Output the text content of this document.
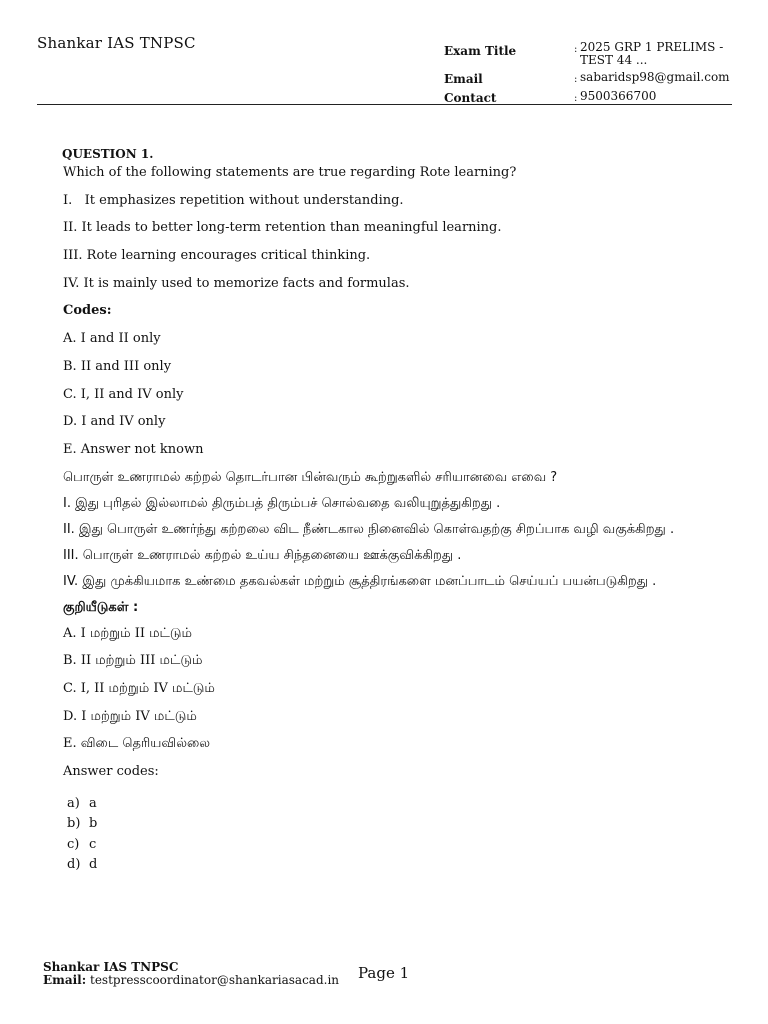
Shankar IAS TNPSC	Exam Title	: 2025 GRP 1 PRELIMS - TEST 44 ...
Email	: sabaridsp98@gmail.com
Contact	: 9500366700
QUESTION 1.

Which of the following statements are true regarding Rote learning?

I.   It emphasizes repetition without understanding.

II. It leads to better long-term retention than meaningful learning.

III. Rote learning encourages critical thinking.

IV. It is mainly used to memorize facts and formulas.

Codes:

A. I and II only

B. II and III only

C. I, II and IV only

D. I and IV only

E. Answer not known

பொருள் உணராமல் கற்றல் தொடர்பான பின்வரும் கூற்றுகளில் சரியானவை எவை ?

I. இது புரிதல் இல்லாமல் திரும்பத் திரும்பச் சொல்வதை வலியுறுத்துகிறது .

II. இது பொருள் உணர்ந்து கற்றலை விட நீண்டகால நினைவில் கொள்வதற்கு சிறப்பாக வழி வகுக்கிறது .

III. பொருள் உணராமல் கற்றல் உய்ய சிந்தனையை ஊக்குவிக்கிறது .

IV. இது முக்கியமாக உண்மை தகவல்கள் மற்றும் சூத்திரங்களை மனப்பாடம் செய்யப் பயன்படுகிறது .

குறியீடுகள் :

A. I மற்றும் II மட்டும்

B. II மற்றும் III மட்டும்

C. I, II மற்றும் IV மட்டும்

D. I மற்றும் IV மட்டும்

E. விடை தெரியவில்லை

Answer codes:

a) a
b) b
c) c
d) d
Shankar IAS TNPSC
Email: testpresscoordinator@shankariasacad.in Page 1
